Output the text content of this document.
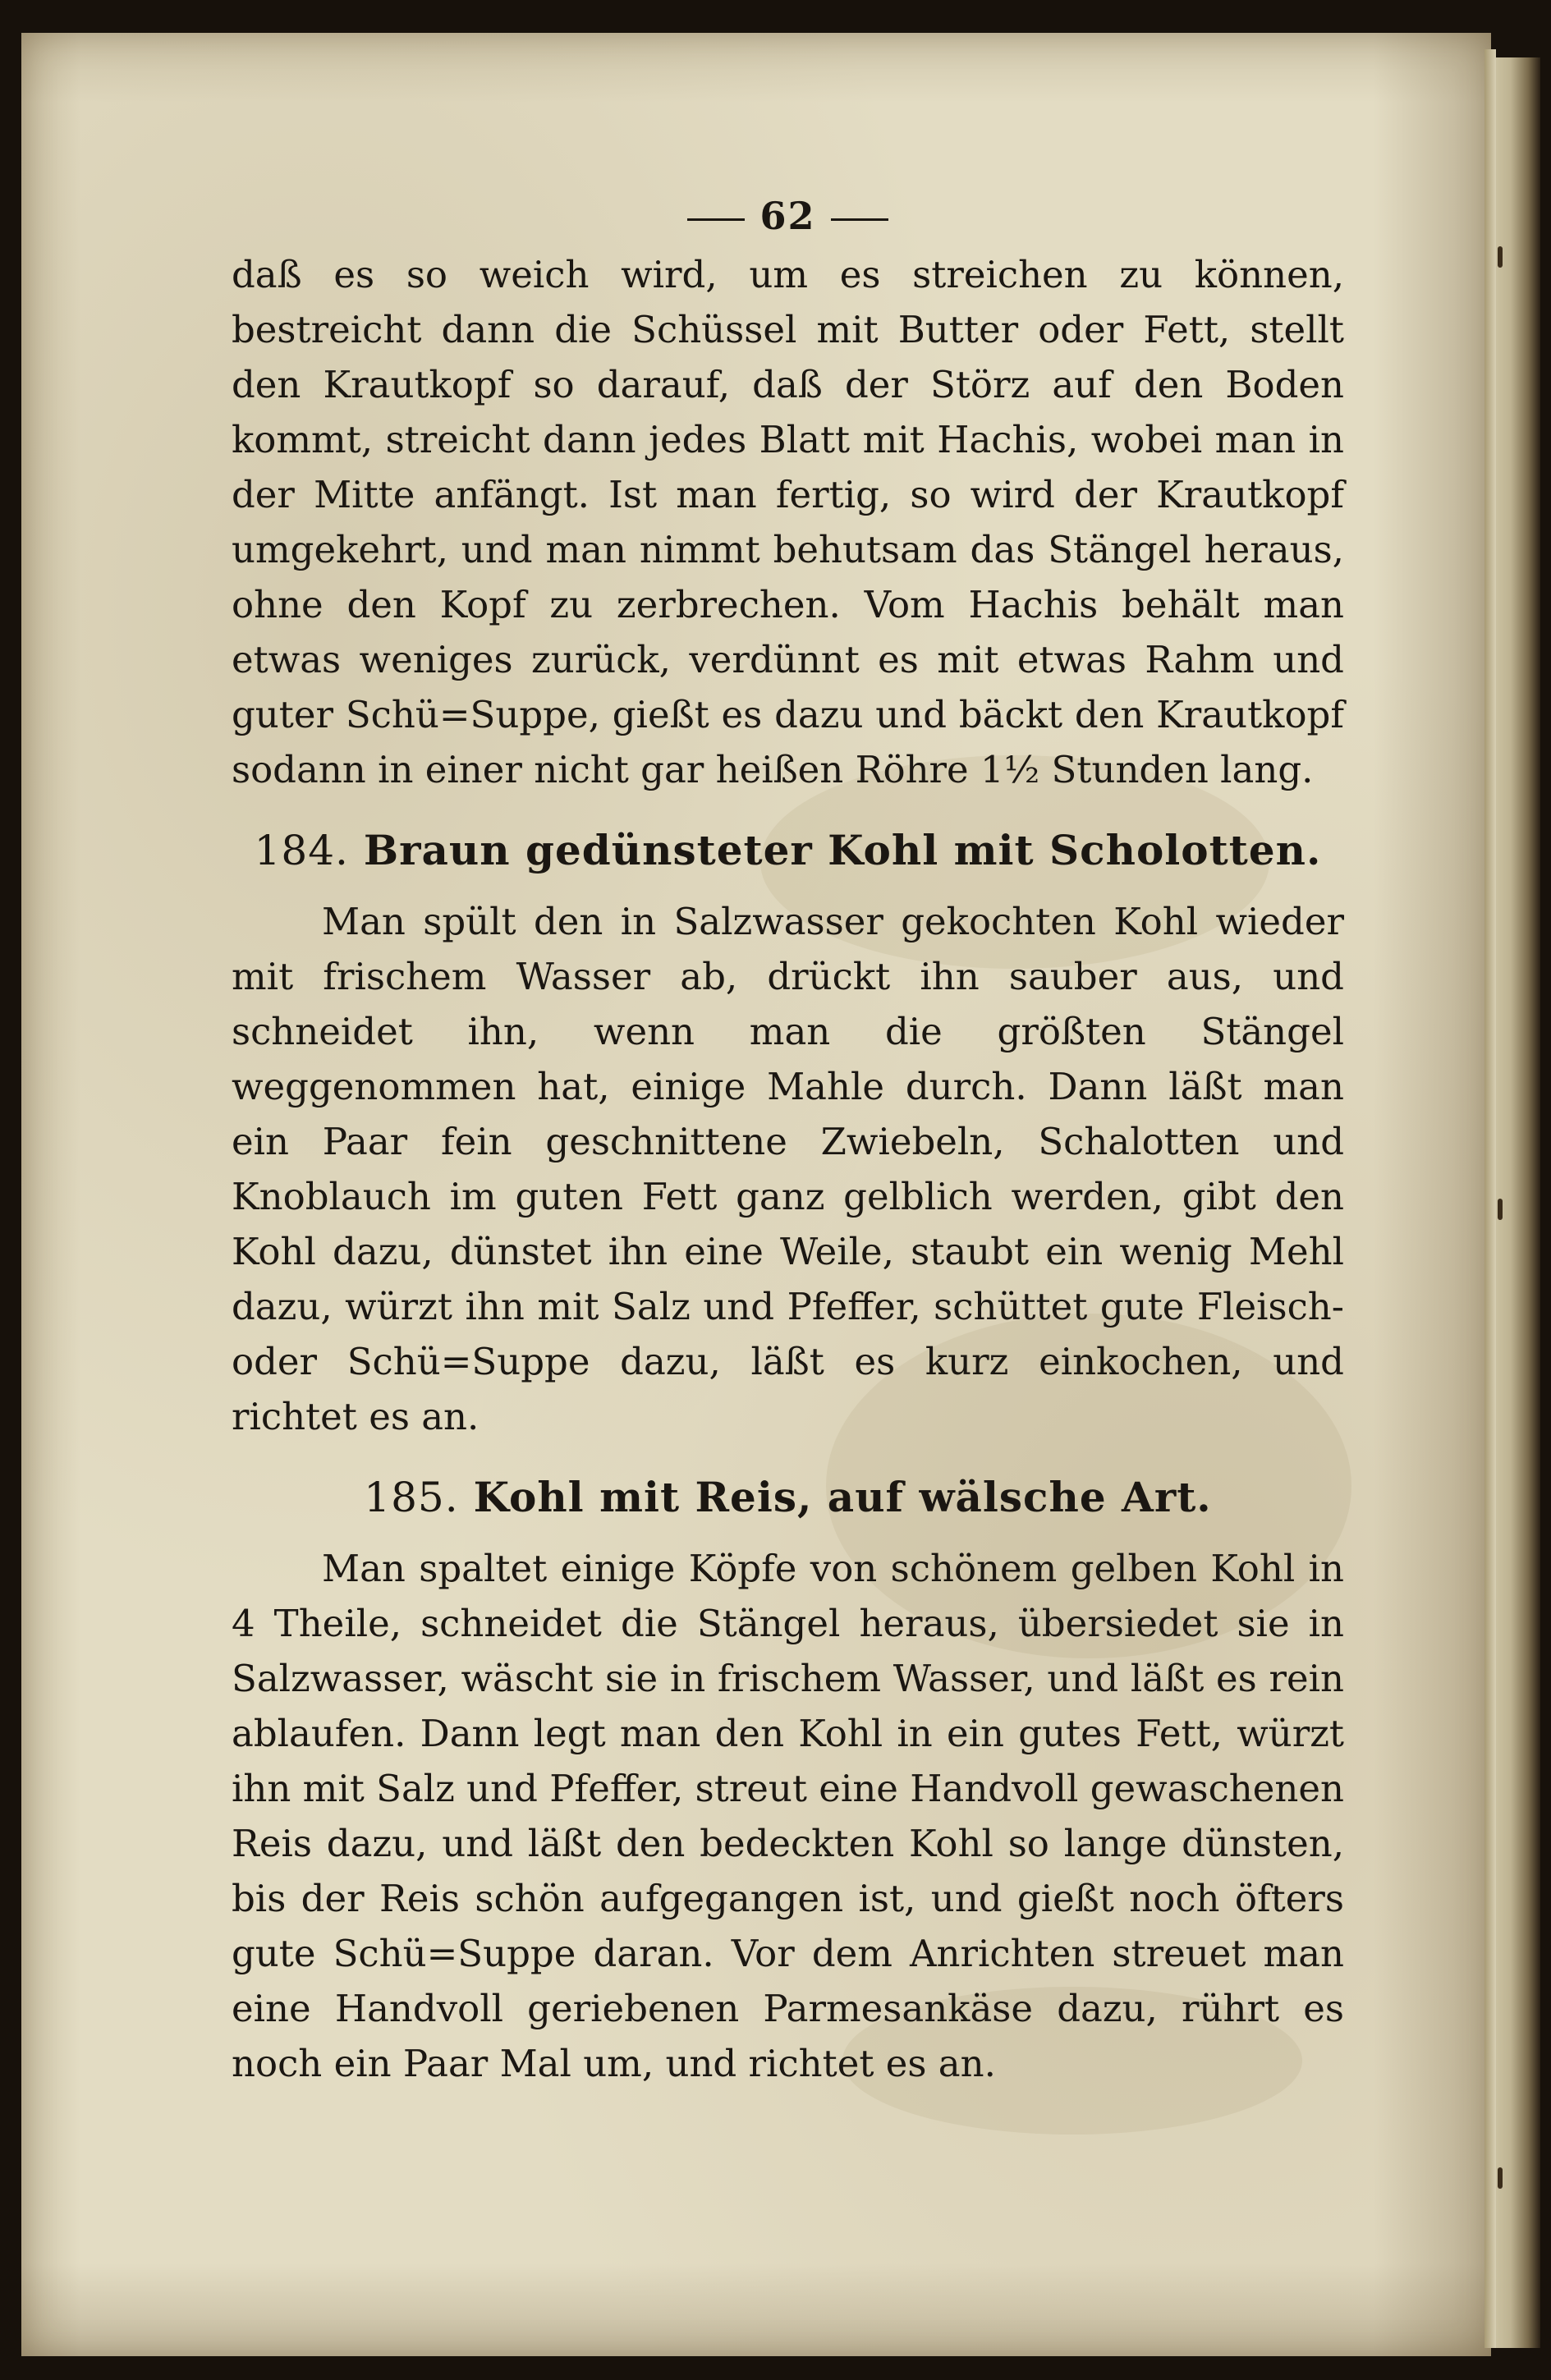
62

daß es so weich wird, um es streichen zu können, bestreicht dann die Schüssel mit Butter oder Fett, stellt den Krautkopf so darauf, daß der Störz auf den Boden kommt, streicht dann jedes Blatt mit Hachis, wobei man in der Mitte anfängt. Ist man fertig, so wird der Krautkopf umgekehrt, und man nimmt behutsam das Stängel heraus, ohne den Kopf zu zerbrechen. Vom Hachis behält man etwas weniges zurück, verdünnt es mit etwas Rahm und guter Schü=Suppe, gießt es dazu und bäckt den Krautkopf sodann in einer nicht gar heißen Röhre 1½ Stunden lang.

184. Braun gedünsteter Kohl mit Scholotten.

Man spült den in Salzwasser gekochten Kohl wieder mit frischem Wasser ab, drückt ihn sauber aus, und schneidet ihn, wenn man die größten Stängel weggenommen hat, einige Mahle durch. Dann läßt man ein Paar fein geschnittene Zwiebeln, Schalotten und Knoblauch im guten Fett ganz gelblich werden, gibt den Kohl dazu, dünstet ihn eine Weile, staubt ein wenig Mehl dazu, würzt ihn mit Salz und Pfeffer, schüttet gute Fleisch- oder Schü=Suppe dazu, läßt es kurz einkochen, und richtet es an.

185. Kohl mit Reis, auf wälsche Art.

Man spaltet einige Köpfe von schönem gelben Kohl in 4 Theile, schneidet die Stängel heraus, übersiedet sie in Salzwasser, wäscht sie in frischem Wasser, und läßt es rein ablaufen. Dann legt man den Kohl in ein gutes Fett, würzt ihn mit Salz und Pfeffer, streut eine Handvoll gewaschenen Reis dazu, und läßt den bedeckten Kohl so lange dünsten, bis der Reis schön aufgegangen ist, und gießt noch öfters gute Schü=Suppe daran. Vor dem Anrichten streuet man eine Handvoll geriebenen Parmesankäse dazu, rührt es noch ein Paar Mal um, und richtet es an.
